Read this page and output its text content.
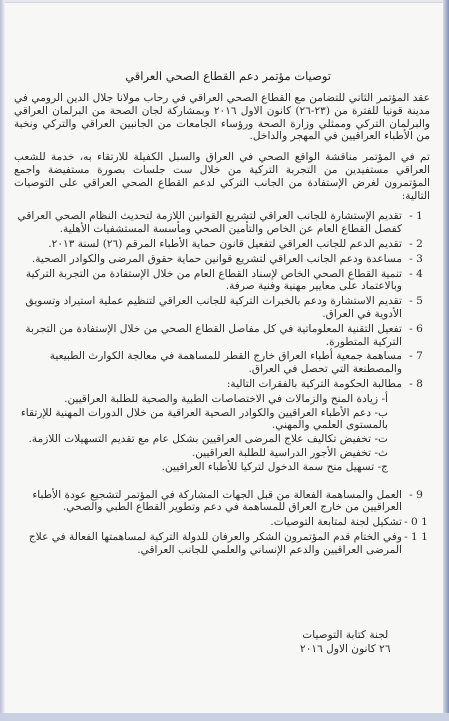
توصيات مؤتمر دعم القطاع الصحي العراقي

عقد المؤتمر الثاني للتضامن مع القطاع الصحي العراقي في رحاب مولانا جلال الدين الرومي في مدينة قونيا للفترة من (٢٣-٢٦) كانون الاول ٢٠١٦ وبمشاركة لجان الصحة من البرلمان العراقي والبرلمان التركي وممثلي وزارة الصحة ورؤساء الجامعات من الجانبين العراقي والتركي ونخبة من الأطباء العراقيين في المهجر والداخل.

تم في المؤتمر مناقشة الواقع الصحي في العراق والسبل الكفيلة للارتقاء به، خدمة للشعب العراقي مستفيدين من التجربة التركية من خلال ست جلسات بصورة مستفيضة واجمع المؤتمرون لغرض الإستفادة من الجانب التركي لدعم القطاع الصحي العراقي على التوصيات التالية:

1 -
تقديم الإستشارة للجانب العراقي لتشريع القوانين اللازمة لتحديث النظام الصحي العراقي كفصل القطاع العام عن الخاص والتأمين الصحي ومأسسة المستشفيات الأهلية.
2 -
تقديم الدعم للجانب العراقي لتفعيل قانون حماية الأطباء المرقم (٢٦) لسنة ٢٠١٣.
3 -
مساعدة ودعم الجانب العراقي لتشريع قوانين حماية حقوق المرضى والكوادر الصحية.
4 -
تنمية القطاع الصحي الخاص لإسناد القطاع العام من خلال الإستفادة من التجربة التركية وبالاعتماد على معايير مهنية وفنية صرفة.
5 -
تقديم الاستشارة ودعم بالخبرات التركية للجانب العراقي لتنظيم عملية استيراد وتسويق الأدوية في العراق.
6 -
تفعيل التقنية المعلوماتية في كل مفاصل القطاع الصحي من خلال الإستفادة من التجربة التركية المتطورة.
7 -
مساهمة جمعية أطباء العراق خارج القطر للمساهمة في معالجة الكوارث الطبيعية والمصطنعة التي تحصل في العراق.
8 -
مطالبة الحكومة التركية بالفقرات التالية:
أ- زيادة المنح والزمالات في الاختصاصات الطبية والصحية للطلبة العراقيين.
ب- دعم الأطباء العراقيين والكوادر الصحية العراقية من خلال الدورات المهنية للإرتقاء بالمستوى العلمي والمهني.
ت- تخفيض تكاليف علاج المرضى العراقيين بشكل عام مع تقديم التسهيلات اللازمة.
ث- تخفيض الأجور الدراسية للطلبة العراقيين.
ج- تسهيل منح سمة الدخول لتركيا للأطباء العراقيين.
9 -
العمل والمساهمة الفعالة من قبل الجهات المشاركة في المؤتمر لتشجيع عودة الأطباء العراقيين من خارج العراق للمساهمة في دعم وتطوير القطاع الطبي والصحي.
1 0 -
تشكيل لجنة لمتابعة التوصيات.
1 1 -
وفي الختام قدم المؤتمرون الشكر والعرفان للدولة التركية لمساهمتها الفعالة في علاج المرضى العراقيين والدعم الإنساني والعلمي للجانب العراقي.
لجنة كتابة التوصيات
٢٦ كانون الاول ٢٠١٦
